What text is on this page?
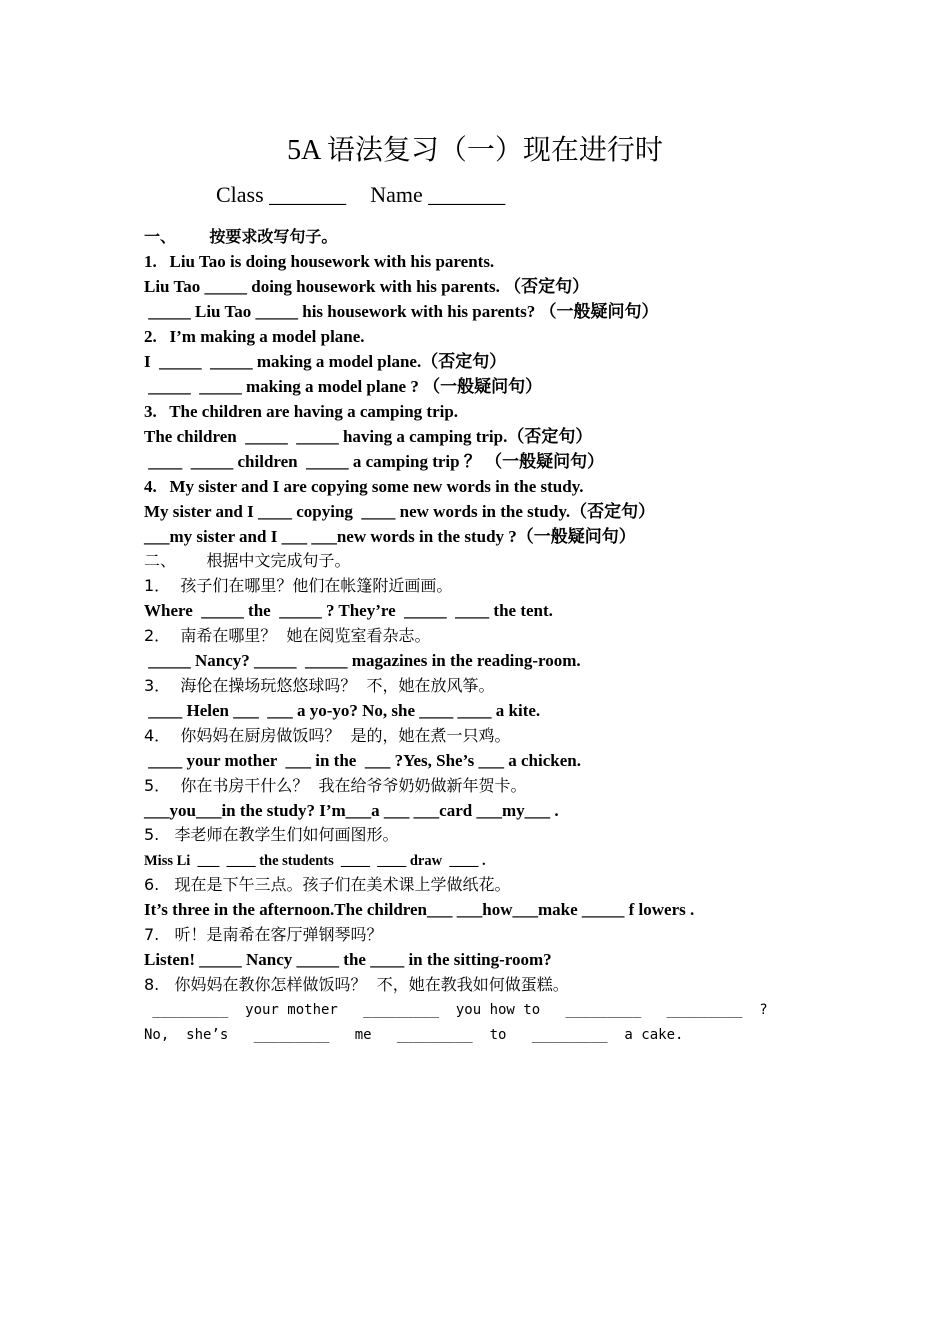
5A 语法复习（一）现在进行时
Class _______ Name _______
一、      按要求改写句子。
1.   Liu Tao is doing housework with his parents.
Liu Tao _____ doing housework with his parents. （否定句）
_____ Liu Tao _____ his housework with his parents? （一般疑问句）
2.   I’m making a model plane.
I  _____  _____ making a model plane.（否定句）
_____  _____ making a model plane ? （一般疑问句）
3.   The children are having a camping trip.
The children  _____  _____ having a camping trip.（否定句）
____  _____ children  _____ a camping trip ？ （一般疑问句）
4.   My sister and I are copying some new words in the study.
My sister and I ____ copying  ____ new words in the study.（否定句）
___my sister and I ___ ___new words in the study ?（一般疑问句）
二、      根据中文完成句子。
1．  孩子们在哪里？他们在帐篷附近画画。
Where  _____ the  _____ ? They’re  _____  ____ the tent.
2．  南希在哪里？  她在阅览室看杂志。
_____ Nancy? _____  _____ magazines in the reading-room.
3．  海伦在操场玩悠悠球吗？  不，她在放风筝。
____ Helen ___  ___ a yo-yo? No, she ____ ____ a kite.
4．  你妈妈在厨房做饭吗？  是的，她在煮一只鸡。
____ your mother  ___ in the  ___ ?Yes, She’s ___ a chicken.
5．  你在书房干什么？  我在给爷爷奶奶做新年贺卡。
___you___in the study? I’m___a ___ ___card ___my___ .
5.   李老师在教学生们如何画图形。
Miss Li  ___  ____ the students  ____  ____ draw  ____ .
6.   现在是下午三点。孩子们在美术课上学做纸花。
It’s three in the afternoon.The children___ ___how___make _____ f lowers .
7.   听！是南希在客厅弹钢琴吗？
Listen! _____ Nancy _____ the ____ in the sitting-room?
8.   你妈妈在教你怎样做饭吗？  不，她在教我如何做蛋糕。
_________  your mother   _________  you how to   _________   _________  ?
No,  she’s   _________   me   _________  to   _________  a cake.
